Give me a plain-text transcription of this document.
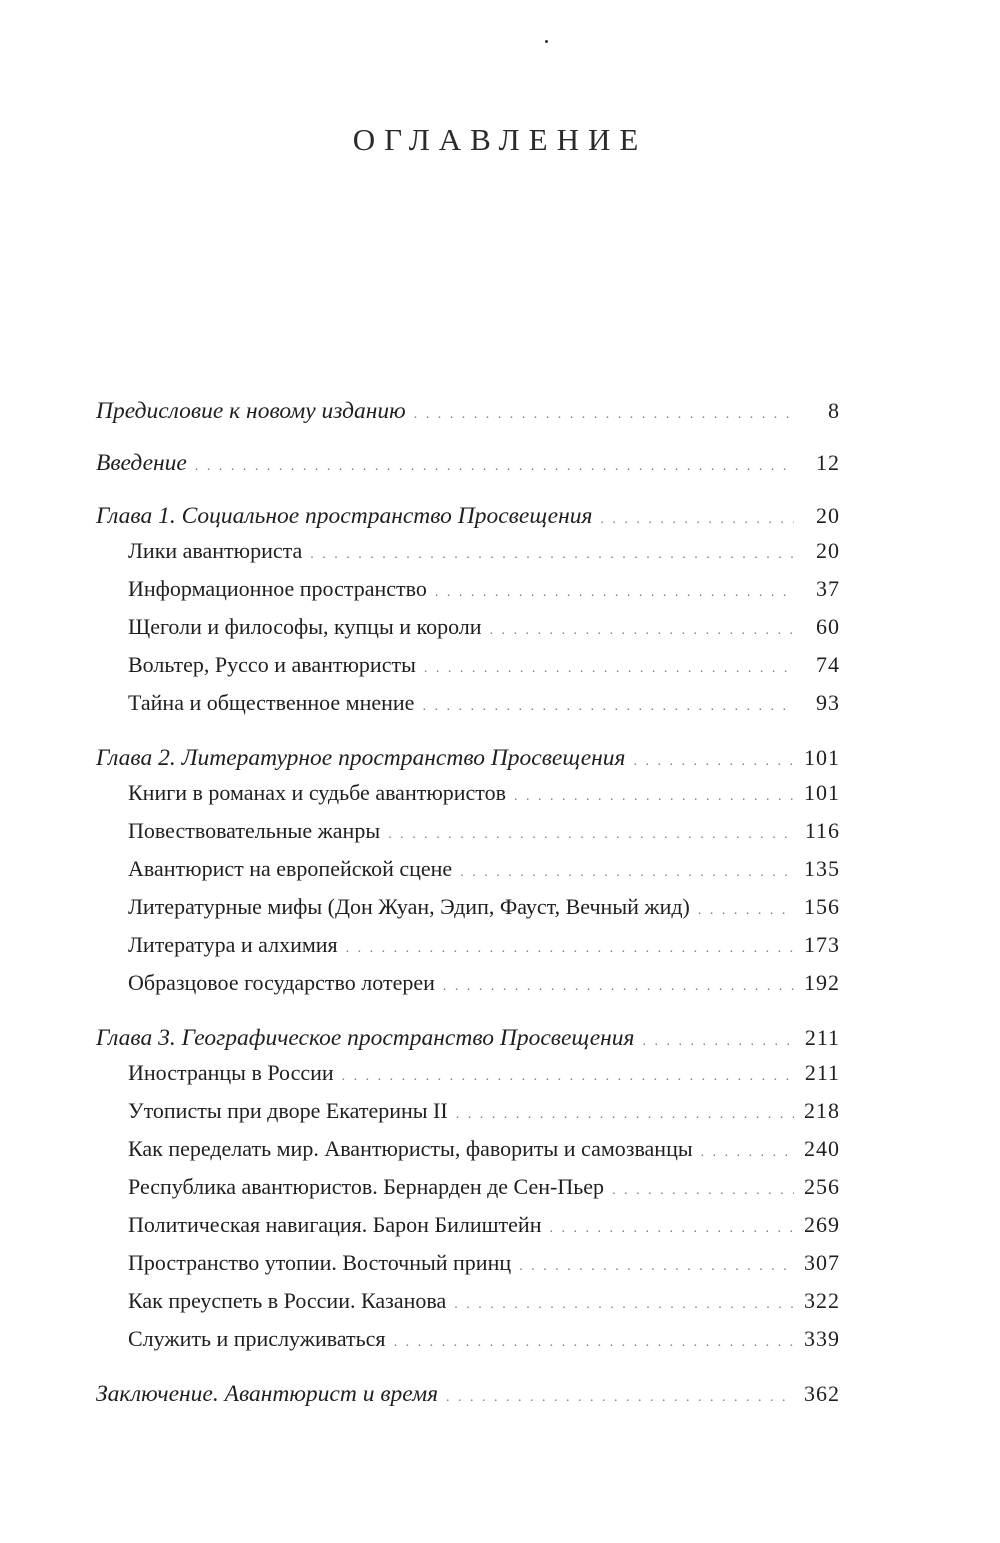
ОГЛАВЛЕНИЕ
Предисловие к новому изданию . . .	8
Введение . . .	12
Глава 1. Социальное пространство Просвещения . . .	20
Лики авантюриста . . .	20
Информационное пространство . . .	37
Щеголи и философы, купцы и короли . . .	60
Вольтер, Руссо и авантюристы . . .	74
Тайна и общественное мнение . . .	93
Глава 2. Литературное пространство Просвещения . . .	101
Книги в романах и судьбе авантюристов . . .	101
Повествовательные жанры . . .	116
Авантюрист на европейской сцене . . .	135
Литературные мифы (Дон Жуан, Эдип, Фауст, Вечный жид) . . .	156
Литература и алхимия . . .	173
Образцовое государство лотереи . . .	192
Глава 3. Географическое пространство Просвещения . . .	211
Иностранцы в России . . .	211
Утописты при дворе Екатерины II . . .	218
Как переделать мир. Авантюристы, фавориты и самозванцы . . .	240
Республика авантюристов. Бернарден де Сен-Пьер . . .	256
Политическая навигация. Барон Билиштейн . . .	269
Пространство утопии. Восточный принц . . .	307
Как преуспеть в России. Казанова . . .	322
Служить и прислуживаться . . .	339
Заключение. Авантюрист и время . . .	362
